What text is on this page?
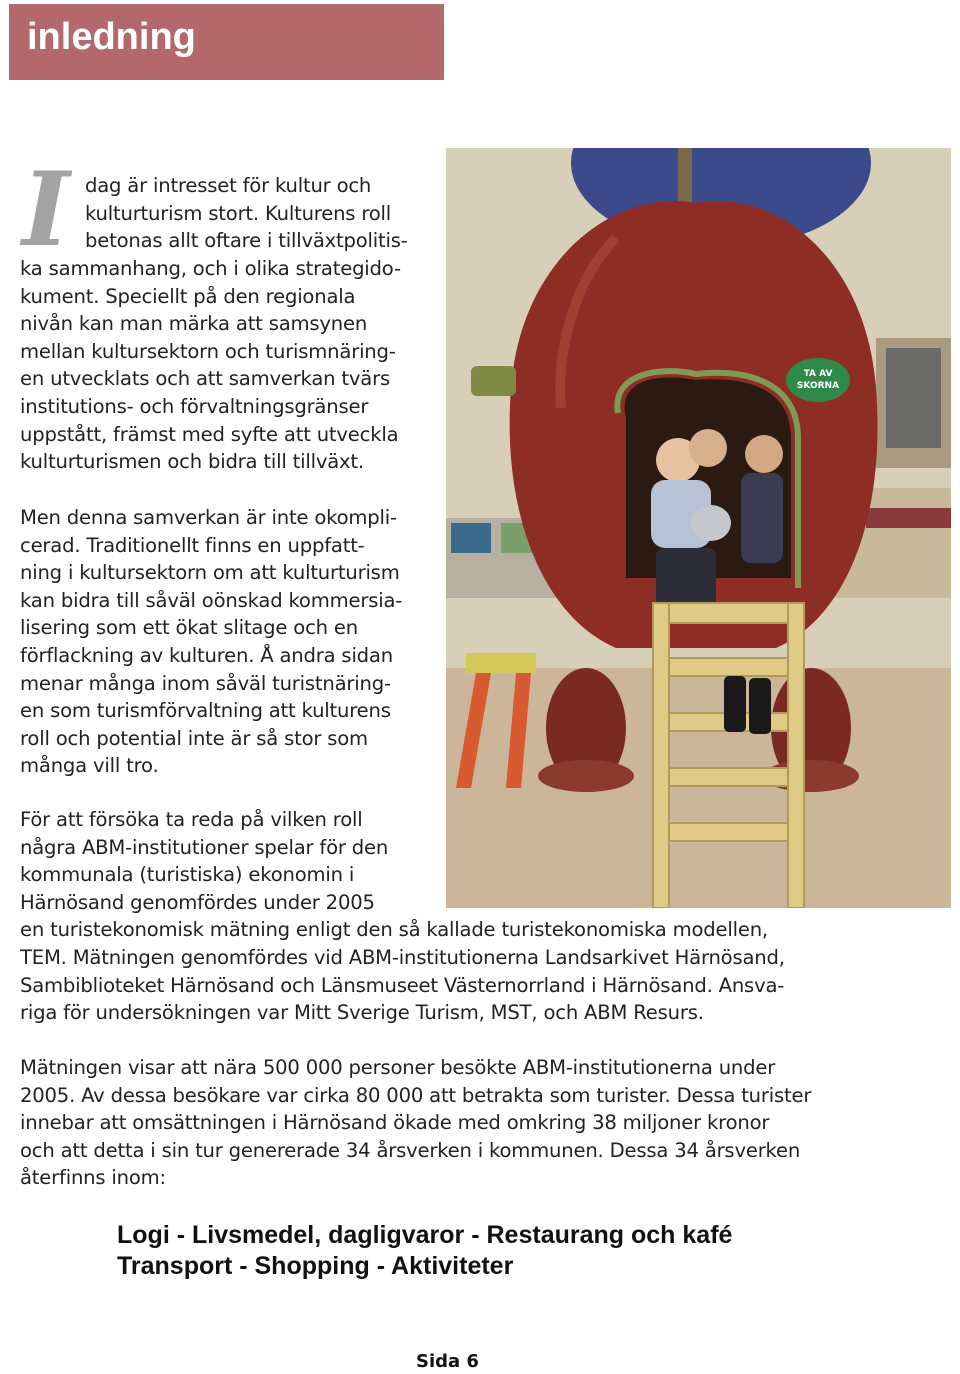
inledning
I dag är intresset för kultur och
kulturturism stort. Kulturens roll
betonas allt oftare i tillväxtpolitis-

ka sammanhang, och i olika strategido-
kument. Speciellt på den regionala
nivån kan man märka att samsynen
mellan kultursektorn och turismnäring-
en utvecklats och att samverkan tvärs
institutions- och förvaltningsgränser
uppstått, främst med syfte att utveckla
kulturturismen och bidra till tillväxt.

Men denna samverkan är inte okompli-
cerad. Traditionellt finns en uppfatt-
ning i kultursektorn om att kulturturism
kan bidra till såväl oönskad kommersia-
lisering som ett ökat slitage och en
förflackning av kulturen. Å andra sidan
menar många inom såväl turistnäring-
en som turismförvaltning att kulturens
roll och potential inte är så stor som
många vill tro.

För att försöka ta reda på vilken roll
några ABM-institutioner spelar för den
kommunala (turistiska) ekonomin i
Härnösand genomfördes under 2005
en turistekonomisk mätning enligt den så kallade turistekonomiska modellen,
TEM. Mätningen genomfördes vid ABM-institutionerna Landsarkivet Härnösand,
Sambiblioteket Härnösand och Länsmuseet Västernorrland i Härnösand. Ansva-
riga för undersökningen var Mitt Sverige Turism, MST, och ABM Resurs.

Mätningen visar att nära 500 000 personer besökte ABM-institutionerna under
2005. Av dessa besökare var cirka 80 000 att betrakta som turister. Dessa turister
innebar att omsättningen i Härnösand ökade med omkring 38 miljoner kronor
och att detta i sin tur genererade 34 årsverken i kommunen. Dessa 34 årsverken
återfinns inom:

TA AV
SKORNA

Logi - Livsmedel, dagligvaror - Restaurang och kafé
Transport - Shopping - Aktiviteter

Sida 6
